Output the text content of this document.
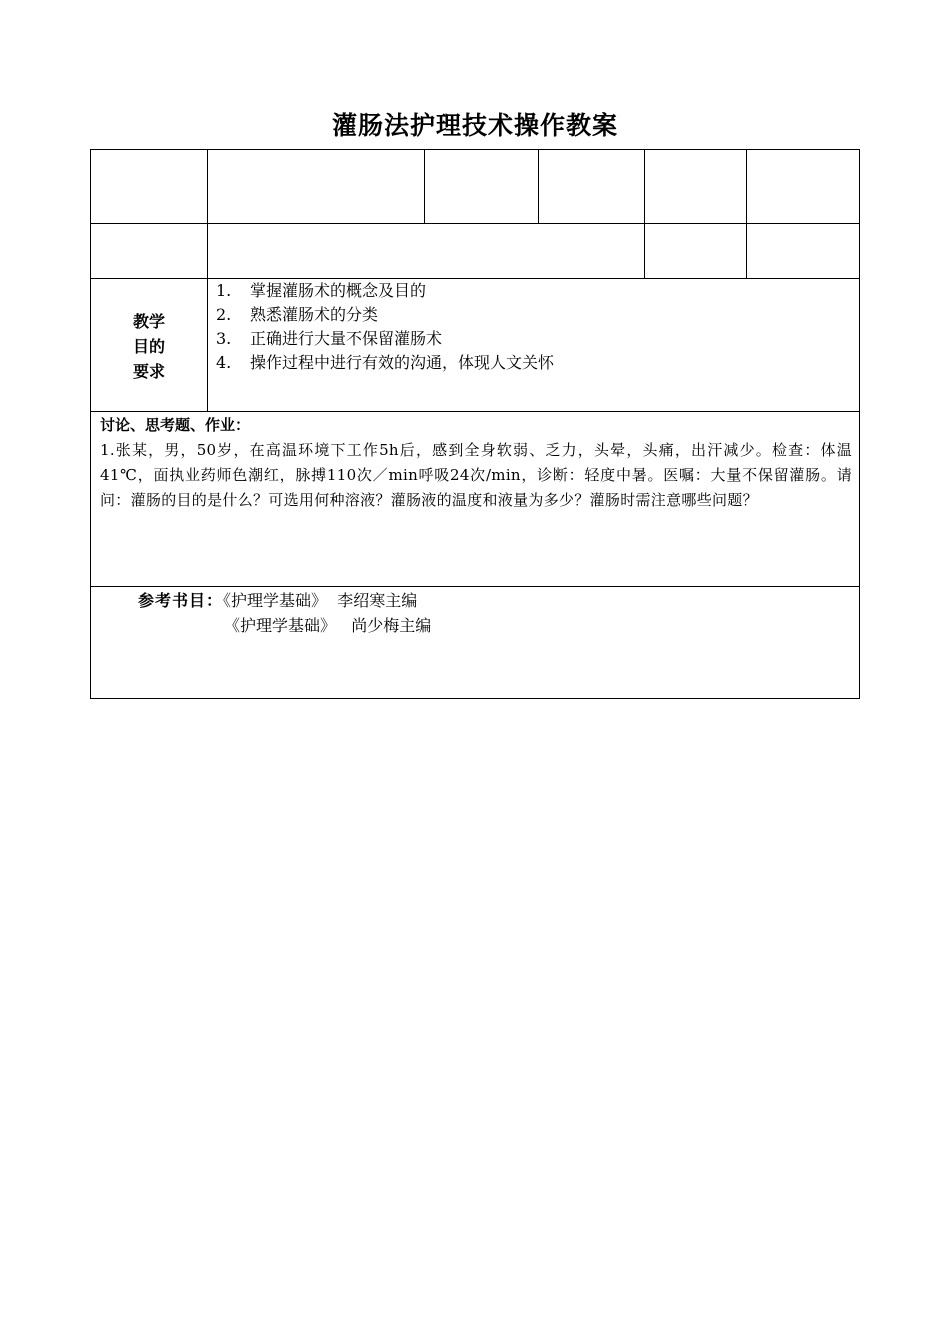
灌肠法护理技术操作教案
教学
目的
要求
1.	掌握灌肠术的概念及目的
2.	熟悉灌肠术的分类
3.	正确进行大量不保留灌肠术
4.	操作过程中进行有效的沟通，体现人文关怀
讨论、思考题、作业：
1.张某，男，50岁，在高温环境下工作5h后，感到全身软弱、乏力，头晕，头痛，出汗减少。检查：体温41℃，面执业药师色潮红，脉搏110次／min呼吸24次/min，诊断：轻度中暑。医嘱：大量不保留灌肠。请问：灌肠的目的是什么？可选用何种溶液？灌肠液的温度和液量为多少？灌肠时需注意哪些问题？
参考书目：《护理学基础》 李绍寒主编
《护理学基础》 尚少梅主编
